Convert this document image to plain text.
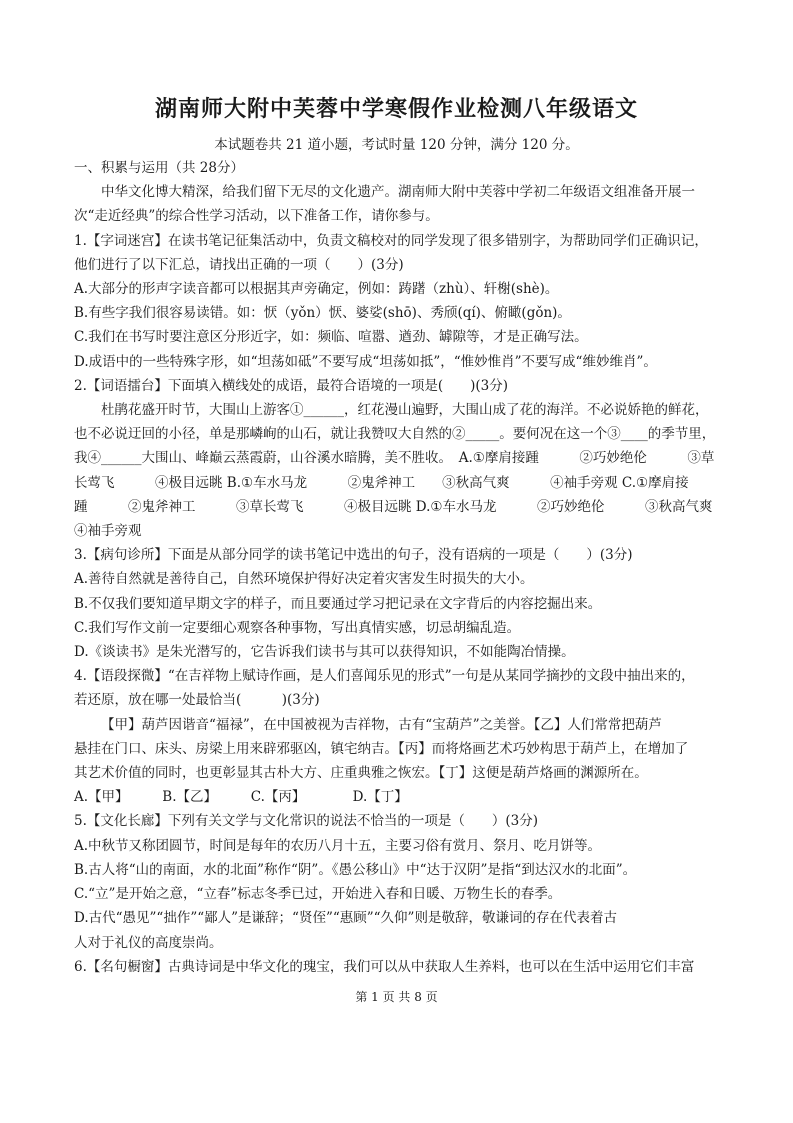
湖南师大附中芙蓉中学寒假作业检测八年级语文
本试题卷共 21 道小题，考试时量 120 分钟，满分 120 分。

一、积累与运用（共 28分）

中华文化博大精深，给我们留下无尽的文化遗产。湖南师大附中芙蓉中学初二年级语文组准备开展一

次“走近经典”的综合性学习活动，以下准备工作，请你参与。

1.【字词迷宫】在读书笔记征集活动中，负责文稿校对的同学发现了很多错别字，为帮助同学们正确识记，

他们进行了以下汇总，请找出正确的一项（　　）(3分)

A.大部分的形声字读音都可以根据其声旁确定，例如：踌躇（zhù）、轩榭(shè)。

B.有些字我们很容易读错。如：恹（yǒn）恹、婆娑(shō)、秀颀(qí)、俯瞰(gǒn)。

C.我们在书写时要注意区分形近字，如：频临、喧嚣、遒劲、罅隙等，才是正确写法。

D.成语中的一些特殊字形，如“坦荡如砥”不要写成“坦荡如抵”，“惟妙惟肖”不要写成“维妙维肖”。

2.【词语擂台】下面填入横线处的成语，最符合语境的一项是(　　)(3分)

杜鹃花盛开时节，大围山上游客①______，红花漫山遍野，大围山成了花的海洋。不必说娇艳的鲜花，

也不必说迂回的小径，单是那嶙峋的山石，就让我赞叹大自然的②_____。要何况在这一个③____的季节里，

我④______大围山、峰巅云蒸霞蔚，山谷溪水暗腾，美不胜收。　A.①摩肩接踵　　　②巧妙绝伦　　　③草

长莺飞　　　④极目远眺 B.①车水马龙　　　②鬼斧神工　　③秋高气爽　　　④袖手旁观 C.①摩肩接

踵　　　②鬼斧神工　　　③草长莺飞　　　④极目远眺 D.①车水马龙　　　②巧妙绝伦　　　③秋高气爽

④袖手旁观

3.【病句诊所】下面是从部分同学的读书笔记中选出的句子，没有语病的一项是（　　）(3分)

A.善待自然就是善待自己，自然环境保护得好决定着灾害发生时损失的大小。

B.不仅我们要知道早期文字的样子，而且要通过学习把记录在文字背后的内容挖掘出来。

C.我们写作文前一定要细心观察各种事物，写出真情实感，切忌胡编乱造。

D.《谈读书》是朱光潜写的，它告诉我们读书与其可以获得知识，不如能陶冶情操。

4.【语段探微】“在吉祥物上赋诗作画，是人们喜闻乐见的形式”一句是从某同学摘抄的文段中抽出来的，

若还原，放在哪一处最恰当(　　　)(3分)

【甲】葫芦因谐音“福禄”，在中国被视为吉祥物，古有“宝葫芦”之美誉。【乙】人们常常把葫芦

悬挂在门口、床头、房梁上用来辟邪驱凶，镇宅纳吉。【丙】而将烙画艺术巧妙构思于葫芦上，在增加了

其艺术价值的同时，也更彰显其古朴大方、庄重典雅之恢宏。【丁】这便是葫芦烙画的渊源所在。

A.【甲】　　　B.【乙】　　　C.【丙】　　　　D.【丁】

5.【文化长廊】下列有关文学与文化常识的说法不恰当的一项是（　　）(3分)

A.中秋节又称团圆节，时间是每年的农历八月十五，主要习俗有赏月、祭月、吃月饼等。

B.古人将“山的南面，水的北面”称作“阴”。《愚公移山》中“达于汉阴”是指“到达汉水的北面”。

C.“立”是开始之意，“立春”标志冬季已过，开始进入春和日暖、万物生长的春季。

D.古代“愚见”“拙作”“鄙人”是谦辞；“贤侄”“惠顾”“久仰”则是敬辞，敬谦词的存在代表着古

人对于礼仪的高度崇尚。

6.【名句橱窗】古典诗词是中华文化的瑰宝，我们可以从中获取人生养料，也可以在生活中运用它们丰富

第 1 页 共 8 页
